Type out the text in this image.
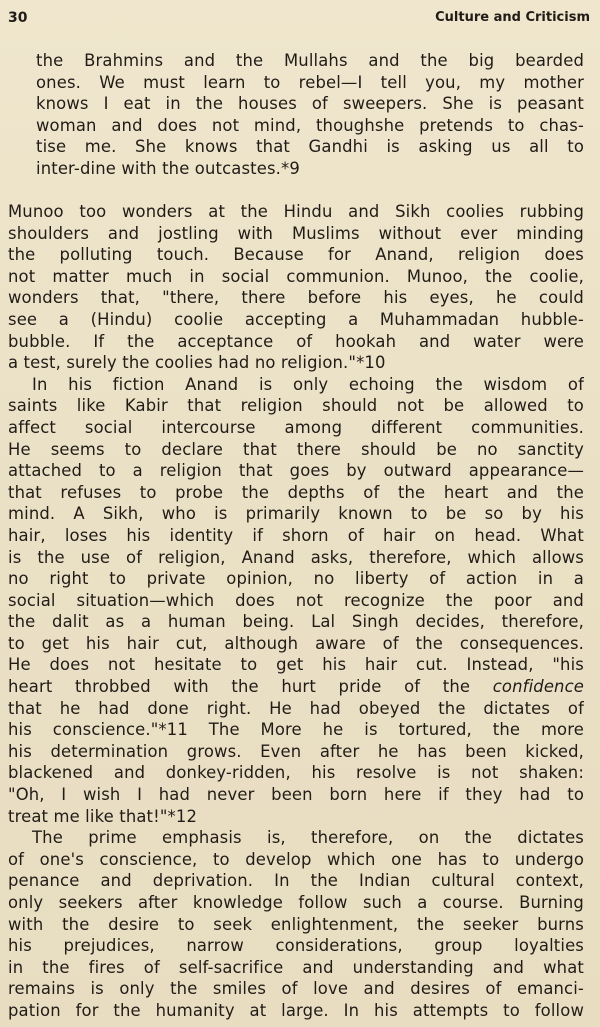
30	Culture and Criticism
the Brahmins and the Mullahs and the big bearded
ones. We must learn to rebel—I tell you, my mother
knows I eat in the houses of sweepers. She is peasant
woman and does not mind, thoughshe pretends to chas-
tise me. She knows that Gandhi is asking us all to
inter-dine with the outcastes.*9
Munoo too wonders at the Hindu and Sikh coolies rubbing
shoulders and jostling with Muslims without ever minding
the polluting touch. Because for Anand, religion does
not matter much in social communion. Munoo, the coolie,
wonders that, "there, there before his eyes, he could
see a (Hindu) coolie accepting a Muhammadan hubble-
bubble. If the acceptance of hookah and water were
a test, surely the coolies had no religion."*10
In his fiction Anand is only echoing the wisdom of
saints like Kabir that religion should not be allowed to
affect social intercourse among different communities.
He seems to declare that there should be no sanctity
attached to a religion that goes by outward appearance—
that refuses to probe the depths of the heart and the
mind. A Sikh, who is primarily known to be so by his
hair, loses his identity if shorn of hair on head. What
is the use of religion, Anand asks, therefore, which allows
no right to private opinion, no liberty of action in a
social situation—which does not recognize the poor and
the dalit as a human being. Lal Singh decides, therefore,
to get his hair cut, although aware of the consequences.
He does not hesitate to get his hair cut. Instead, "his
heart throbbed with the hurt pride of the confidence
that he had done right. He had obeyed the dictates of
his conscience."*11 The More he is tortured, the more
his determination grows. Even after he has been kicked,
blackened and donkey-ridden, his resolve is not shaken:
"Oh, I wish I had never been born here if they had to
treat me like that!"*12
The prime emphasis is, therefore, on the dictates
of one's conscience, to develop which one has to undergo
penance and deprivation. In the Indian cultural context,
only seekers after knowledge follow such a course. Burning
with the desire to seek enlightenment, the seeker burns
his prejudices, narrow considerations, group loyalties
in the fires of self-sacrifice and understanding and what
remains is only the smiles of love and desires of emanci-
pation for the humanity at large. In his attempts to follow
